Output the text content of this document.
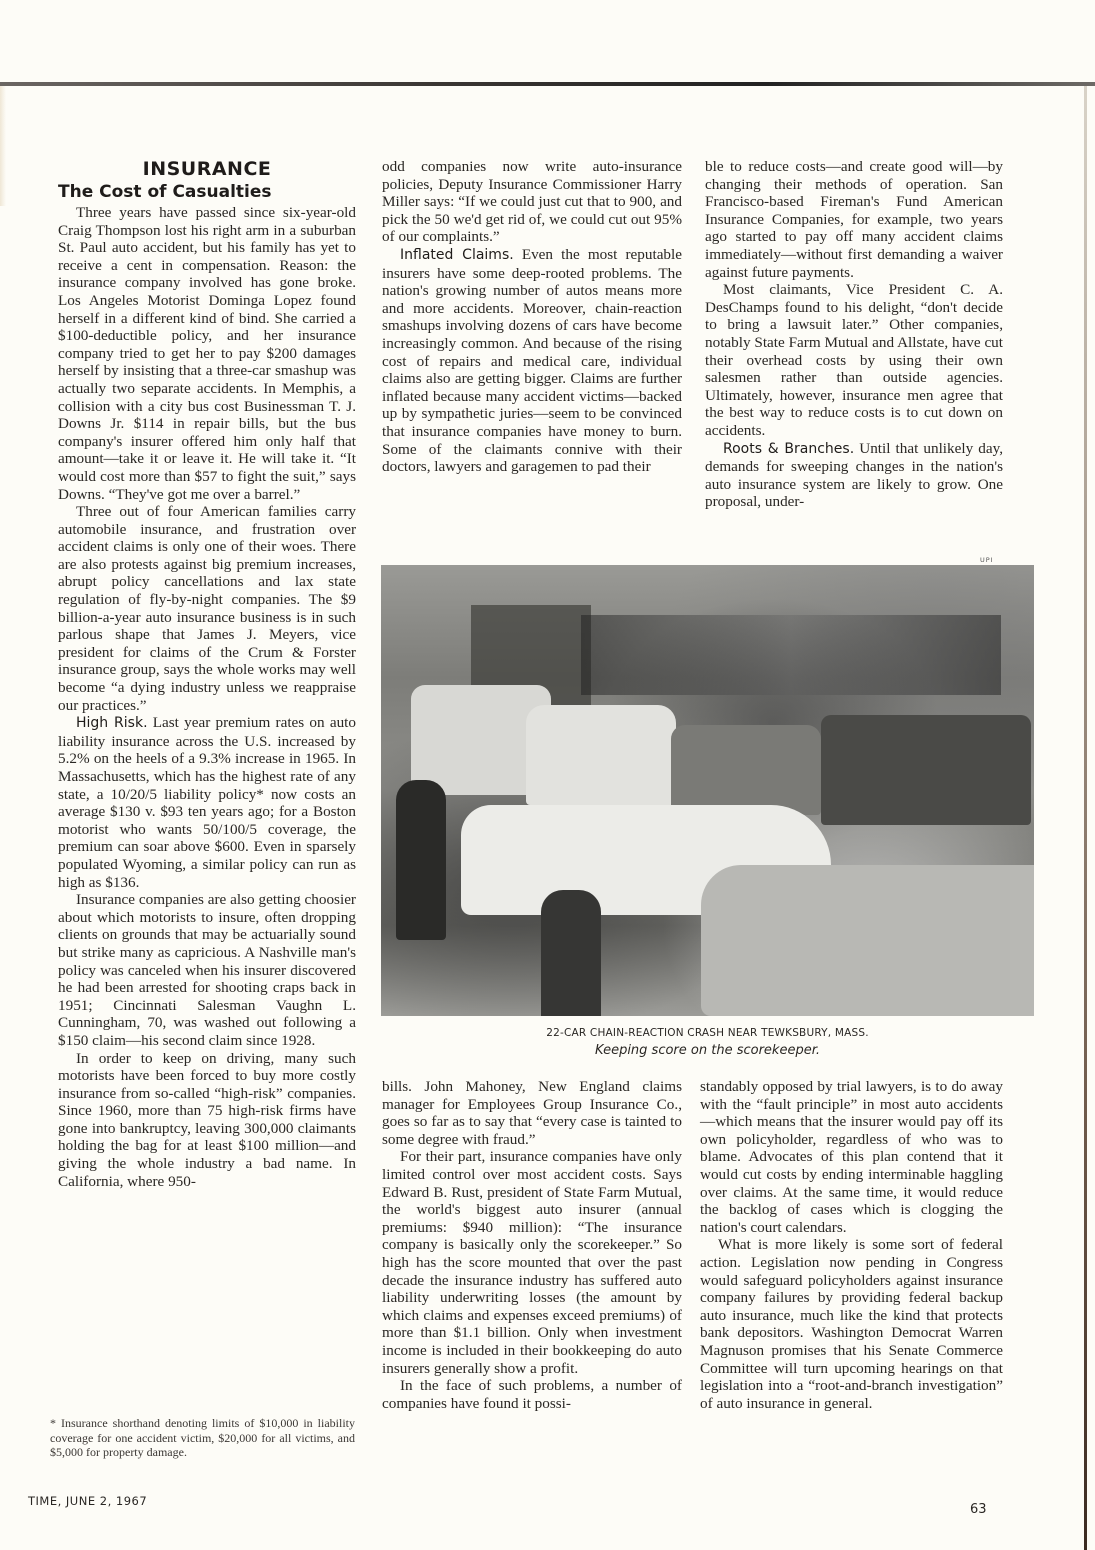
INSURANCE
The Cost of Casualties

Three years have passed since six-year-old Craig Thompson lost his right arm in a suburban St. Paul auto accident, but his family has yet to receive a cent in compensation. Reason: the insurance company involved has gone broke. Los Angeles Motorist Dominga Lopez found herself in a different kind of bind. She carried a $100-deductible policy, and her insurance company tried to get her to pay $200 damages herself by insisting that a three-car smashup was actually two separate accidents. In Memphis, a collision with a city bus cost Businessman T. J. Downs Jr. $114 in repair bills, but the bus company's insurer offered him only half that amount—take it or leave it. He will take it. “It would cost more than $57 to fight the suit,” says Downs. “They've got me over a barrel.”

Three out of four American families carry automobile insurance, and frustration over accident claims is only one of their woes. There are also protests against big premium increases, abrupt policy cancellations and lax state regulation of fly-by-night companies. The $9 billion-a-year auto insurance business is in such parlous shape that James J. Meyers, vice president for claims of the Crum & Forster insurance group, says the whole works may well become “a dying industry unless we reappraise our practices.”

High Risk. Last year premium rates on auto liability insurance across the U.S. increased by 5.2% on the heels of a 9.3% increase in 1965. In Massachusetts, which has the highest rate of any state, a 10/20/5 liability policy* now costs an average $130 v. $93 ten years ago; for a Boston motorist who wants 50/100/5 coverage, the premium can soar above $600. Even in sparsely populated Wyoming, a similar policy can run as high as $136.

Insurance companies are also getting choosier about which motorists to insure, often dropping clients on grounds that may be actuarially sound but strike many as capricious. A Nashville man's policy was canceled when his insurer discovered he had been arrested for shooting craps back in 1951; Cincinnati Salesman Vaughn L. Cunningham, 70, was washed out following a $150 claim—his second claim since 1928.

In order to keep on driving, many such motorists have been forced to buy more costly insurance from so-called “high-risk” companies. Since 1960, more than 75 high-risk firms have gone into bankruptcy, leaving 300,000 claimants holding the bag for at least $100 million—and giving the whole industry a bad name. In California, where 950-

odd companies now write auto-insurance policies, Deputy Insurance Commissioner Harry Miller says: “If we could just cut that to 900, and pick the 50 we'd get rid of, we could cut out 95% of our complaints.”

Inflated Claims. Even the most reputable insurers have some deep-rooted problems. The nation's growing number of autos means more and more accidents. Moreover, chain-reaction smashups involving dozens of cars have become increasingly common. And because of the rising cost of repairs and medical care, individual claims also are getting bigger. Claims are further inflated because many accident victims—backed up by sympathetic juries—seem to be convinced that insurance companies have money to burn. Some of the claimants connive with their doctors, lawyers and garagemen to pad their

ble to reduce costs—and create good will—by changing their methods of operation. San Francisco-based Fireman's Fund American Insurance Companies, for example, two years ago started to pay off many accident claims immediately—without first demanding a waiver against future payments.

Most claimants, Vice President C. A. DesChamps found to his delight, “don't decide to bring a lawsuit later.” Other companies, notably State Farm Mutual and Allstate, have cut their overhead costs by using their own salesmen rather than outside agencies. Ultimately, however, insurance men agree that the best way to reduce costs is to cut down on accidents.

Roots & Branches. Until that unlikely day, demands for sweeping changes in the nation's auto insurance system are likely to grow. One proposal, under-

UPI
22-CAR CHAIN-REACTION CRASH NEAR TEWKSBURY, MASS.
Keeping score on the scorekeeper.

bills. John Mahoney, New England claims manager for Employees Group Insurance Co., goes so far as to say that “every case is tainted to some degree with fraud.”

For their part, insurance companies have only limited control over most accident costs. Says Edward B. Rust, president of State Farm Mutual, the world's biggest auto insurer (annual premiums: $940 million): “The insurance company is basically only the scorekeeper.” So high has the score mounted that over the past decade the insurance industry has suffered auto liability underwriting losses (the amount by which claims and expenses exceed premiums) of more than $1.1 billion. Only when investment income is included in their bookkeeping do auto insurers generally show a profit.

In the face of such problems, a number of companies have found it possi-

standably opposed by trial lawyers, is to do away with the “fault principle” in most auto accidents—which means that the insurer would pay off its own policyholder, regardless of who was to blame. Advocates of this plan contend that it would cut costs by ending interminable haggling over claims. At the same time, it would reduce the backlog of cases which is clogging the nation's court calendars.

What is more likely is some sort of federal action. Legislation now pending in Congress would safeguard policyholders against insurance company failures by providing federal backup auto insurance, much like the kind that protects bank depositors. Washington Democrat Warren Magnuson promises that his Senate Commerce Committee will turn upcoming hearings on that legislation into a “root-and-branch investigation” of auto insurance in general.

* Insurance shorthand denoting limits of $10,000 in liability coverage for one accident victim, $20,000 for all victims, and $5,000 for property damage.
TIME, JUNE 2, 1967
63
